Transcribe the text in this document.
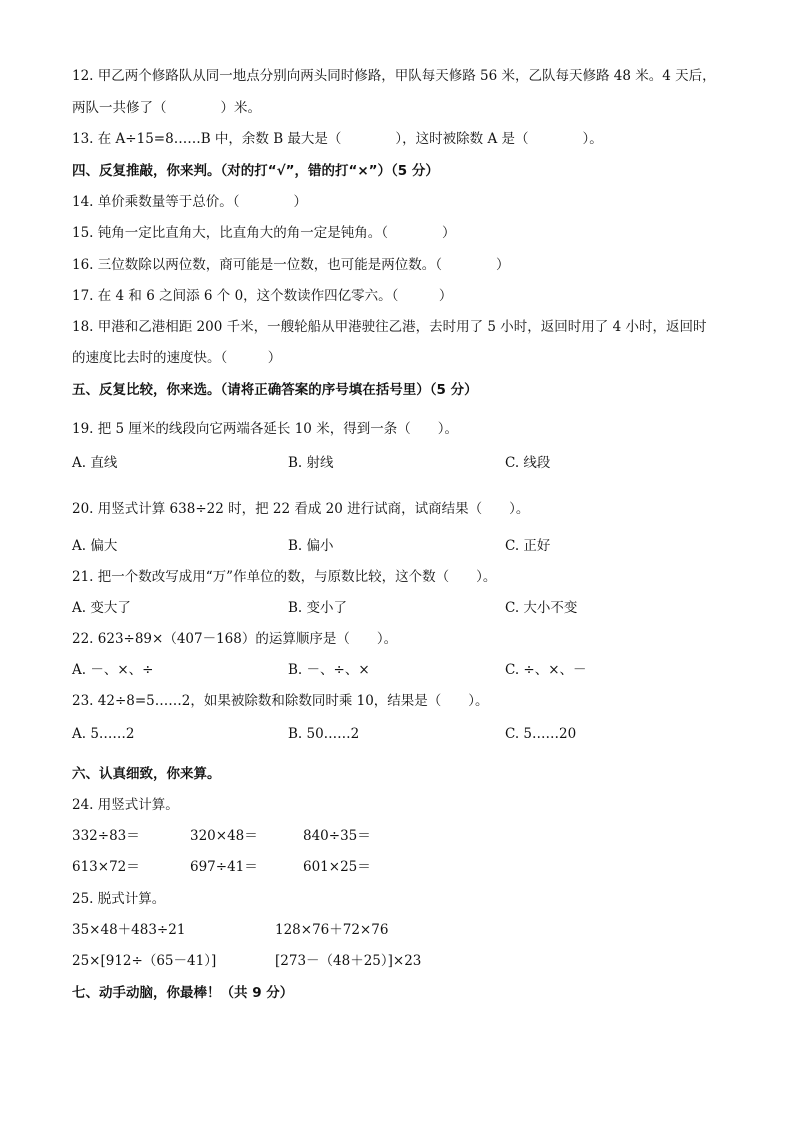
12. 甲乙两个修路队从同一地点分别向两头同时修路，甲队每天修路 56 米，乙队每天修路 48 米。4 天后，
两队一共修了（　　　　）米。
13. 在 A÷15=8……B 中，余数 B 最大是（　　　　），这时被除数 A 是（　　　　）。
四、反复推敲，你来判。（对的打“√”，错的打“×”）（5 分）
14. 单价乘数量等于总价。（　　　　）
15. 钝角一定比直角大，比直角大的角一定是钝角。（　　　　）
16. 三位数除以两位数，商可能是一位数，也可能是两位数。（　　　　）
17. 在 4 和 6 之间添 6 个 0，这个数读作四亿零六。（　　　）
18. 甲港和乙港相距 200 千米，一艘轮船从甲港驶往乙港，去时用了 5 小时，返回时用了 4 小时，返回时
的速度比去时的速度快。（　　　）
五、反复比较，你来选。（请将正确答案的序号填在括号里）（5 分）
19. 把 5 厘米的线段向它两端各延长 10 米，得到一条（　　）。
A. 直线	B. 射线	C. 线段
20. 用竖式计算 638÷22 时，把 22 看成 20 进行试商，试商结果（　　）。
A. 偏大	B. 偏小	C. 正好
21. 把一个数改写成用“万”作单位的数，与原数比较，这个数（　　）。
A. 变大了	B. 变小了	C. 大小不变
22. 623÷89×（407－168）的运算顺序是（　　）。
A. －、×、÷	B. －、÷、×	C. ÷、×、－
23. 42÷8=5……2，如果被除数和除数同时乘 10，结果是（　　）。
A. 5……2	B. 50……2	C. 5……20
六、认真细致，你来算。
24. 用竖式计算。
332÷83＝	320×48＝	840÷35＝
613×72＝	697÷41＝	601×25＝
25. 脱式计算。
35×48＋483÷21	128×76＋72×76
25×[912÷（65－41）]	[273－（48＋25）]×23
七、动手动脑，你最棒！（共 9 分）
